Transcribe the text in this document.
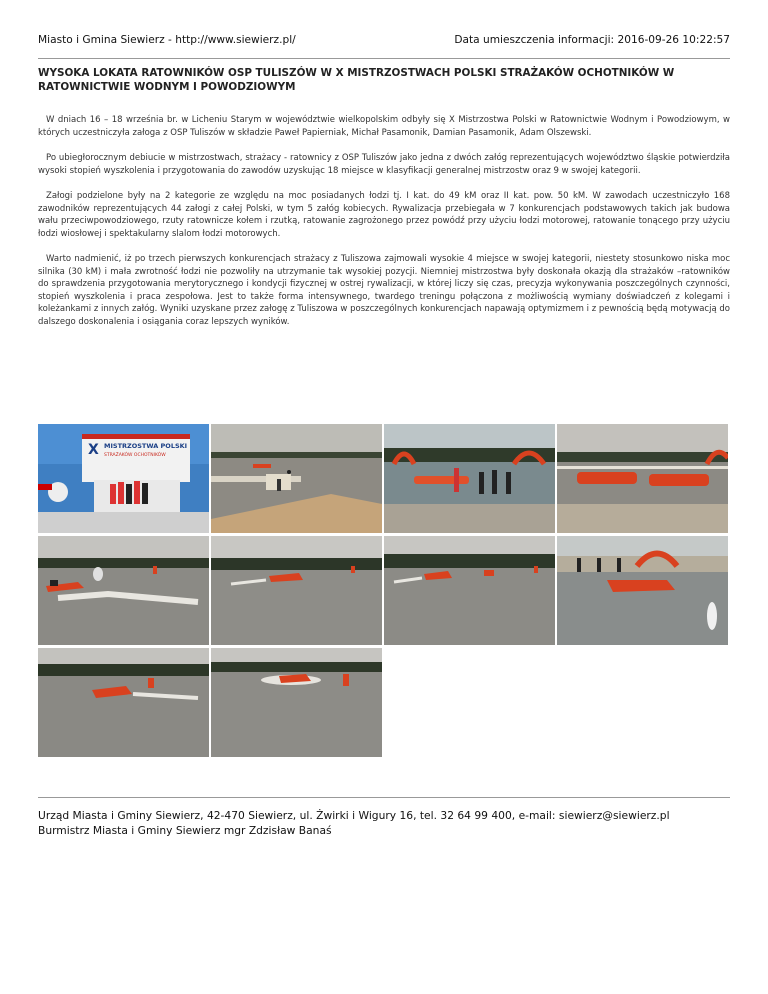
Miasto i Gmina Siewierz - http://www.siewierz.pl/	Data umieszczenia informacji: 2016-09-26 10:22:57
WYSOKA LOKATA RATOWNIKÓW OSP TULISZÓW W X MISTRZOSTWACH POLSKI STRAŻAKÓW OCHOTNIKÓW W RATOWNICTWIE WODNYM I POWODZIOWYM

W dniach 16 – 18 września br. w Licheniu Starym w województwie wielkopolskim odbyły się X Mistrzostwa Polski w Ratownictwie Wodnym i Powodziowym, w których uczestniczyła załoga z OSP Tuliszów w składzie Paweł Papierniak, Michał Pasamonik, Damian Pasamonik, Adam Olszewski.

Po ubiegłorocznym debiucie w mistrzostwach, strażacy - ratownicy z OSP Tuliszów jako jedna z dwóch załóg reprezentujących województwo śląskie potwierdziła wysoki stopień wyszkolenia i przygotowania do zawodów uzyskując 18 miejsce w klasyfikacji generalnej mistrzostw oraz 9 w swojej kategorii.

Załogi podzielone były na 2 kategorie ze względu na moc posiadanych łodzi tj. I kat. do 49 kM oraz II kat. pow. 50 kM. W zawodach uczestniczyło 168 zawodników reprezentujących 44 załogi z całej Polski, w tym 5 załóg kobiecych. Rywalizacja przebiegała w 7 konkurencjach podstawowych takich jak budowa wału przeciwpowodziowego, rzuty ratownicze kołem i rzutką, ratowanie zagrożonego przez powódź przy użyciu łodzi motorowej, ratowanie tonącego przy użyciu łodzi wiosłowej i spektakularny slalom łodzi motorowych.

Warto nadmienić, iż po trzech pierwszych konkurencjach strażacy z Tuliszowa zajmowali wysokie 4 miejsce w swojej kategorii, niestety stosunkowo niska moc silnika (30 kM) i mała zwrotność łodzi nie pozwoliły na utrzymanie tak wysokiej pozycji. Niemniej mistrzostwa były doskonała okazją dla strażaków –ratowników do sprawdzenia przygotowania merytorycznego i kondycji fizycznej w ostrej rywalizacji, w której liczy się czas, precyzja wykonywania poszczególnych czynności, stopień wyszkolenia i praca zespołowa. Jest to także forma intensywnego, twardego treningu połączona z możliwością wymiany doświadczeń z kolegami i koleżankami z innych załóg. Wyniki uzyskane przez załogę z Tuliszowa w poszczególnych konkurencjach napawają optymizmem i z pewnością będą motywacją do dalszego doskonalenia i osiągania coraz lepszych wyników.

X MISTRZOSTWA POLSKI
STRAŻAKÓW OCHOTNIKÓW
Urząd Miasta i Gminy Siewierz, 42-470 Siewierz, ul. Żwirki i Wigury 16, tel. 32 64 99 400, e-mail: siewierz@siewierz.pl
Burmistrz Miasta i Gminy Siewierz mgr Zdzisław Banaś
